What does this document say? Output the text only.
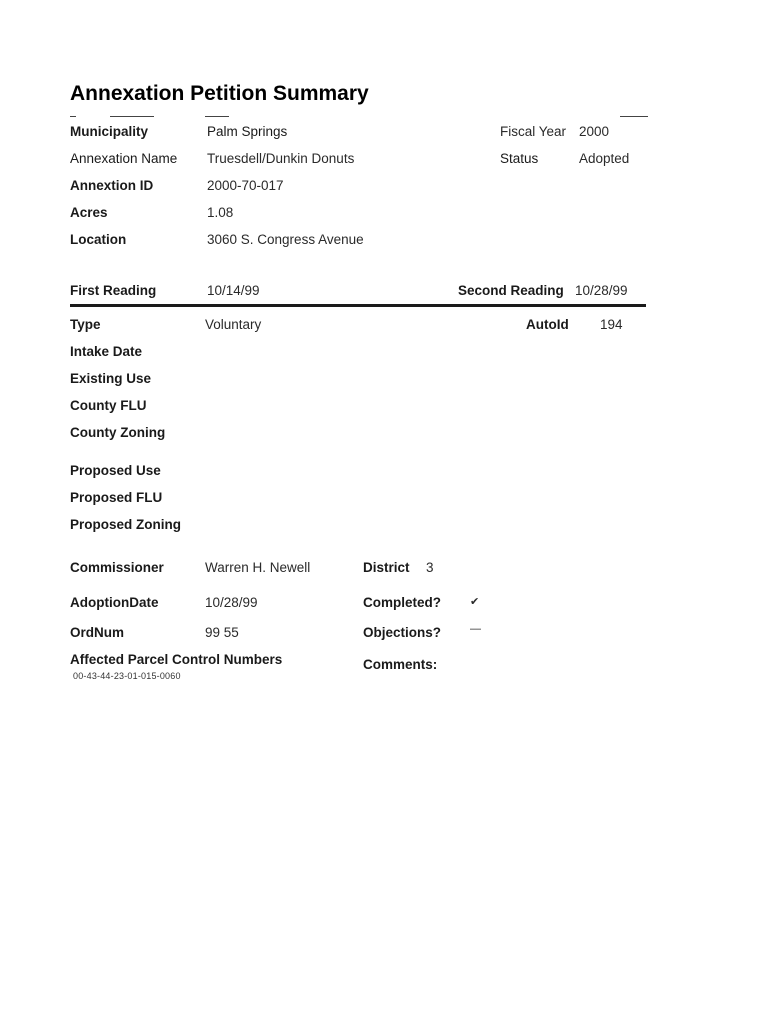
Annexation Petition Summary
Municipality	Palm Springs	Fiscal Year 2000
Annexation Name Truesdell/Dunkin Donuts	Status	Adopted
Annextion ID	2000-70-017
Acres	1.08
Location	3060 S. Congress Avenue
First Reading	10/14/99	Second Reading 10/28/99
Type	Voluntary	AutoId 194
Intake Date
Existing Use
County FLU
County Zoning
Proposed Use
Proposed FLU
Proposed Zoning
Commissioner	Warren H. Newell	District 3
AdoptionDate	10/28/99	Completed?	✔
OrdNum	99 55	Objections?	—
Affected Parcel Control Numbers
00-43-44-23-01-015-0060
Comments:
